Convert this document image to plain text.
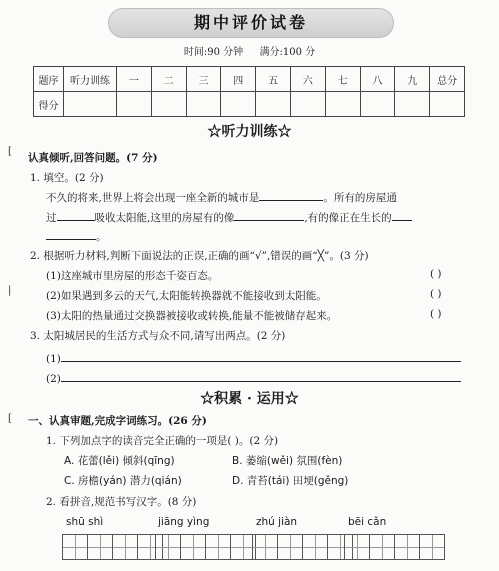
期中评价试卷
时间:90 分钟 满分:100 分
题序	听力训练	一	二	三	四	五	六	七	八	九	总分
得分											
☆听力训练☆
[
认真倾听,回答问题。(7 分)
1. 填空。(2 分)
不久的将来,世界上将会出现一座全新的城市是	。所有的房屋通
过	吸收太阳能,这里的房屋有的像	,有的像正在生长的
。
2. 根据听力材料,判断下面说法的正误,正确的画“√”,错误的画“╳”。(3 分)
(1)这座城市里房屋的形态千姿百态。	( )
|	(2)如果遇到多云的天气,太阳能转换器就不能接收到太阳能。	( )
(3)太阳的热量通过交换器被接收或转换,能量不能被储存起来。	( )
3. 太阳城居民的生活方式与众不同,请写出两点。(2 分)
(1)
(2)
☆积累 · 运用☆
一、认真审题,完成字词练习。(26 分)
[
1. 下列加点字的读音完全正确的一项是( )。(2 分)
A. 花蕾(lěi) 倾斜(qīng)	B. 萎缩(wěi) 氛围(fèn)
C. 房檐(yán) 潜力(qián)	D. 青苔(tái) 田埂(gěng)
2. 看拼音,规范书写汉字。(8 分)
shū shì	jiāng yìng	zhú jiàn	bēi cǎn
